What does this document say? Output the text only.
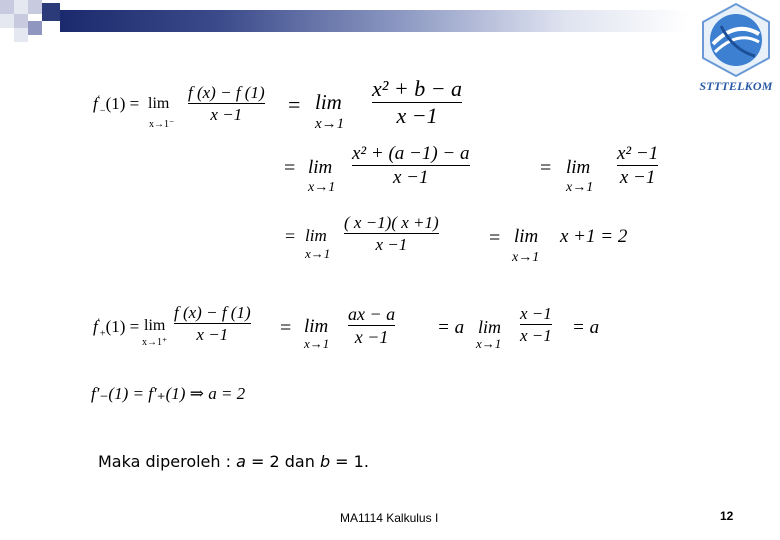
STTTELKOM
$f'_-(1) = \lim$
x→1⁻
f (x) − f (1)
x −1 = lim
x→1
x² + b − a
x −1
= lim
x→1
x² + (a −1) − a
x −1	= lim
x→1
x² −1
x −1
= lim
x→1
( x −1)( x +1)
x −1	= lim x +1 = 2
x→1
$f'_+(1) = \lim$
x→1⁺
f (x) − f (1)
x −1	= lim
x→1
ax − a
x −1	= a lim
x→1
x −1
x −1 = a
f′₋(1) = f′₊(1) ⇒ a = 2
Maka diperoleh : a = 2 dan b = 1.
MA1114 Kalkulus I	12
